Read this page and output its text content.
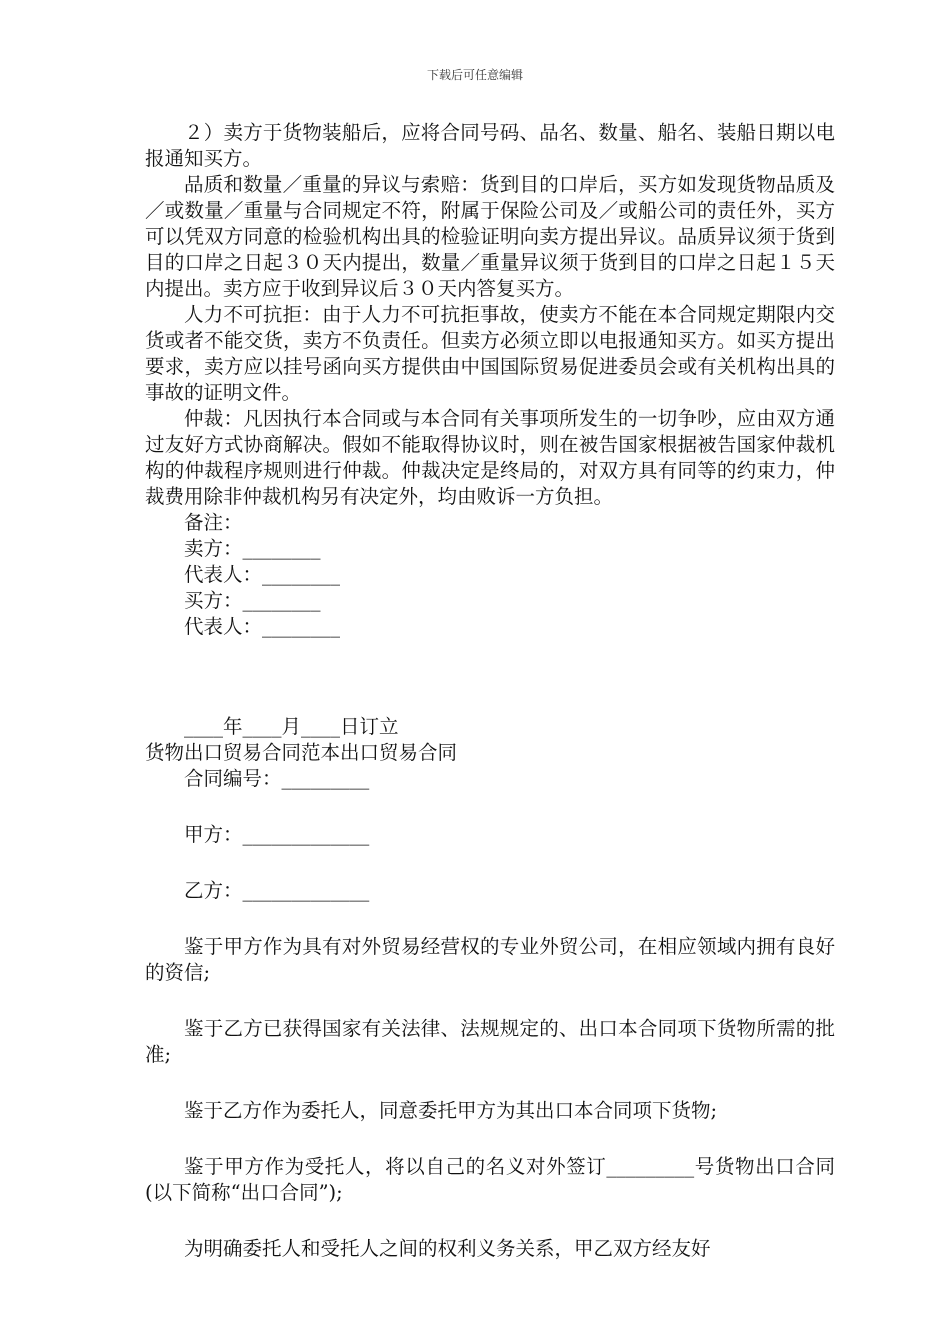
下载后可任意编辑

２）卖方于货物装船后，应将合同号码、品名、数量、船名、装船日期以电报通知买方。

品质和数量／重量的异议与索赔：货到目的口岸后，买方如发现货物品质及／或数量／重量与合同规定不符，附属于保险公司及／或船公司的责任外，买方可以凭双方同意的检验机构出具的检验证明向卖方提出异议。品质异议须于货到目的口岸之日起３０天内提出，数量／重量异议须于货到目的口岸之日起１５天内提出。卖方应于收到异议后３０天内答复买方。

人力不可抗拒：由于人力不可抗拒事故，使卖方不能在本合同规定期限内交货或者不能交货，卖方不负责任。但卖方必须立即以电报通知买方。如买方提出要求，卖方应以挂号函向买方提供由中国国际贸易促进委员会或有关机构出具的事故的证明文件。

仲裁：凡因执行本合同或与本合同有关事项所发生的一切争吵，应由双方通过友好方式协商解决。假如不能取得协议时，则在被告国家根据被告国家仲裁机构的仲裁程序规则进行仲裁。仲裁决定是终局的，对双方具有同等的约束力，仲裁费用除非仲裁机构另有决定外，均由败诉一方负担。

备注：
卖方：________
代表人：________
买方：________
代表人：________
____年____月____日订立
货物出口贸易合同范本出口贸易合同
合同编号：_________
甲方：_____________
乙方：_____________

鉴于甲方作为具有对外贸易经营权的专业外贸公司，在相应领域内拥有良好的资信;

鉴于乙方已获得国家有关法律、法规规定的、出口本合同项下货物所需的批准;

鉴于乙方作为委托人，同意委托甲方为其出口本合同项下货物;

鉴于甲方作为受托人，将以自己的名义对外签订_________号货物出口合同(以下简称“出口合同”);

为明确委托人和受托人之间的权利义务关系，甲乙双方经友好
